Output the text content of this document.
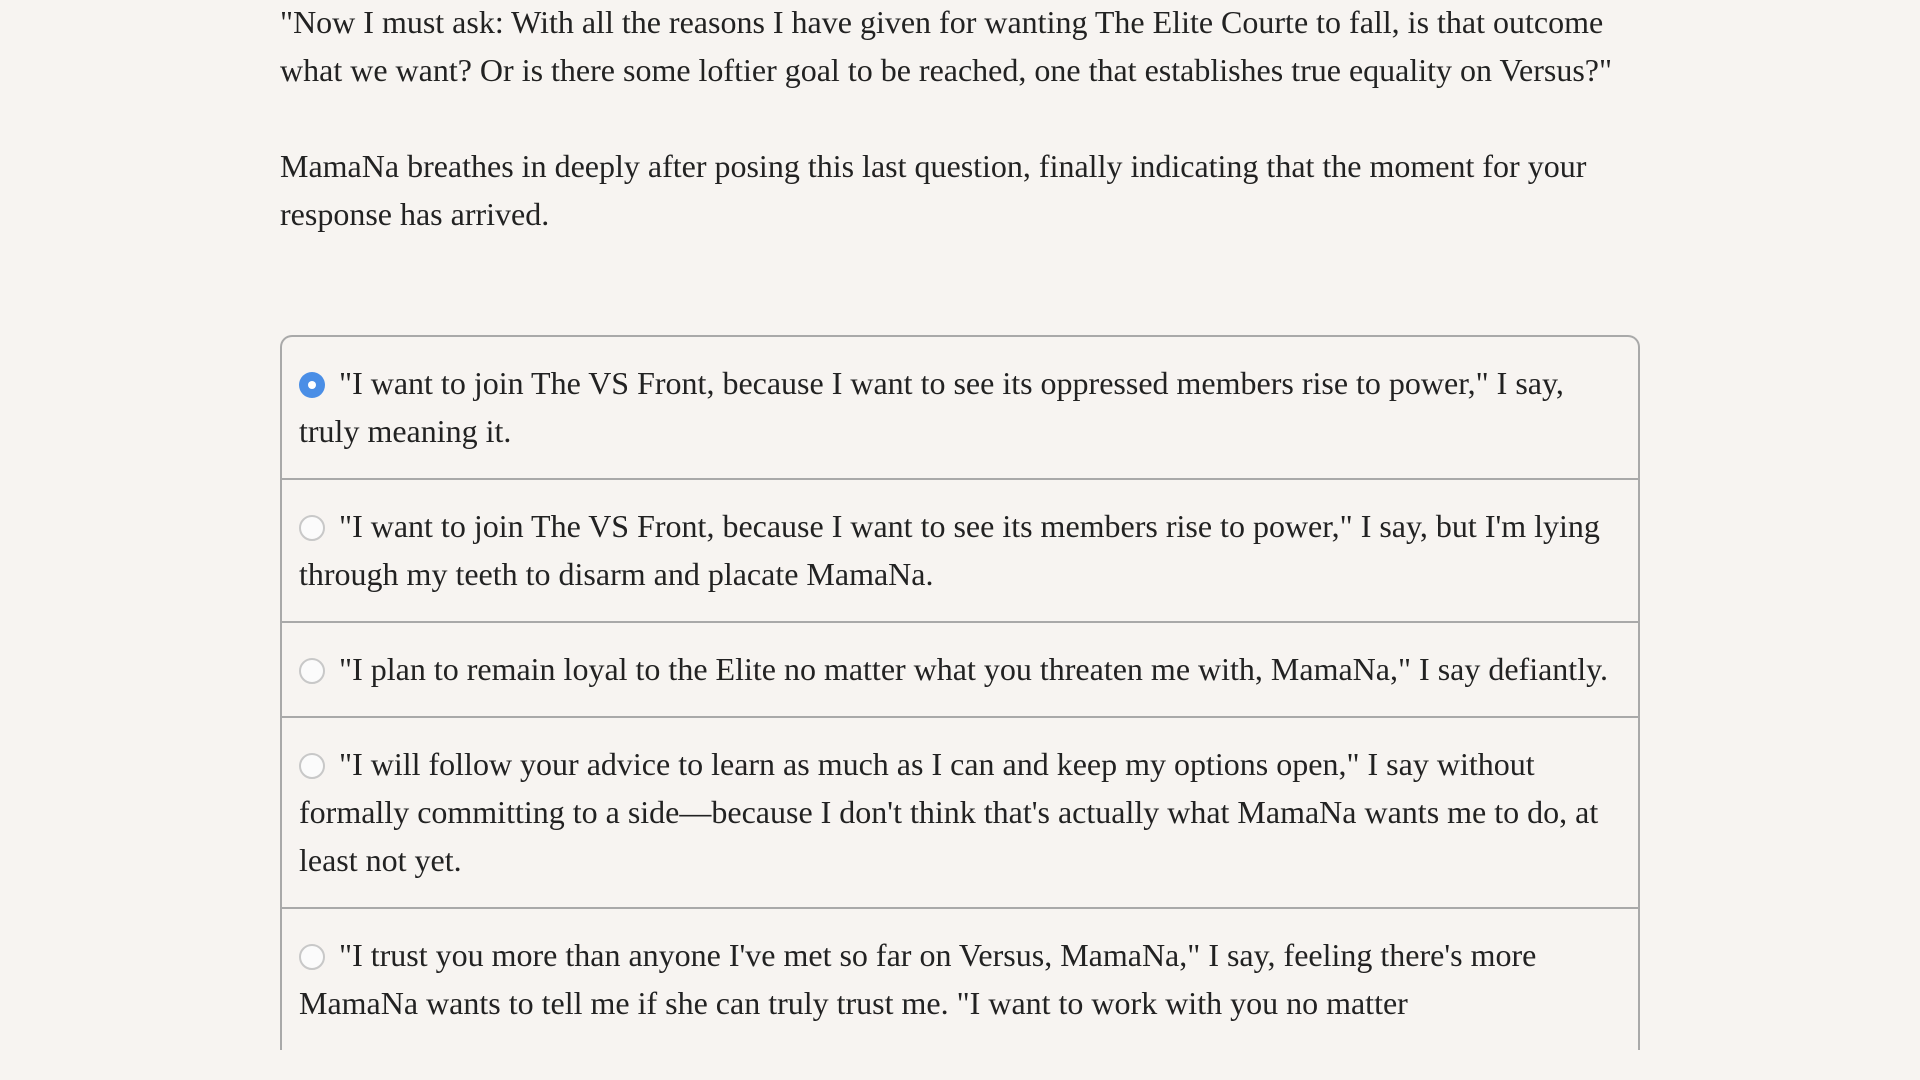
"Now I must ask: With all the reasons I have given for wanting The Elite Courte to fall, is that outcome what we want? Or is there some loftier goal to be reached, one that establishes true equality on Versus?"

MamaNa breathes in deeply after posing this last question, finally indicating that the moment for your response has arrived.

"I want to join The VS Front, because I want to see its oppressed members rise to power," I say, truly meaning it.
"I want to join The VS Front, because I want to see its members rise to power," I say, but I'm lying through my teeth to disarm and placate MamaNa.
"I plan to remain loyal to the Elite no matter what you threaten me with, MamaNa," I say defiantly.
"I will follow your advice to learn as much as I can and keep my options open," I say without formally committing to a side—because I don't think that's actually what MamaNa wants me to do, at least not yet.
"I trust you more than anyone I've met so far on Versus, MamaNa," I say, feeling there's more MamaNa wants to tell me if she can truly trust me. "I want to work with you no matter
